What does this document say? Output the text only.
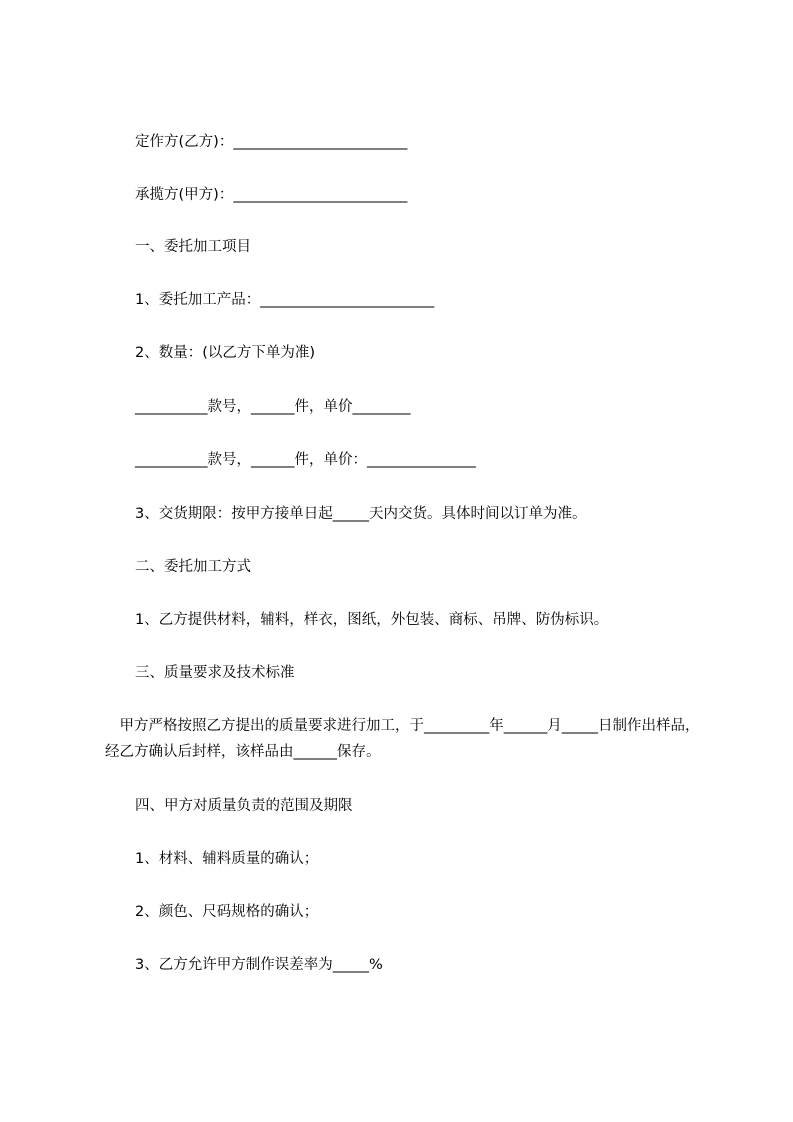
定作方(乙方)：________________________
承揽方(甲方)：________________________
一、委托加工项目
1、委托加工产品：________________________
2、数量：(以乙方下单为准)
__________款号，______件，单价________
__________款号，______件，单价：_______________
3、交货期限：按甲方接单日起_____天内交货。具体时间以订单为准。
二、委托加工方式
1、乙方提供材料，辅料，样衣，图纸，外包装、商标、吊牌、防伪标识。
三、质量要求及技术标准
　甲方严格按照乙方提出的质量要求进行加工，于_________年______月_____日制作出样品，经乙方确认后封样，该样品由______保存。
四、甲方对质量负责的范围及期限
1、材料、辅料质量的确认；
2、颜色、尺码规格的确认；
3、乙方允许甲方制作误差率为_____%
